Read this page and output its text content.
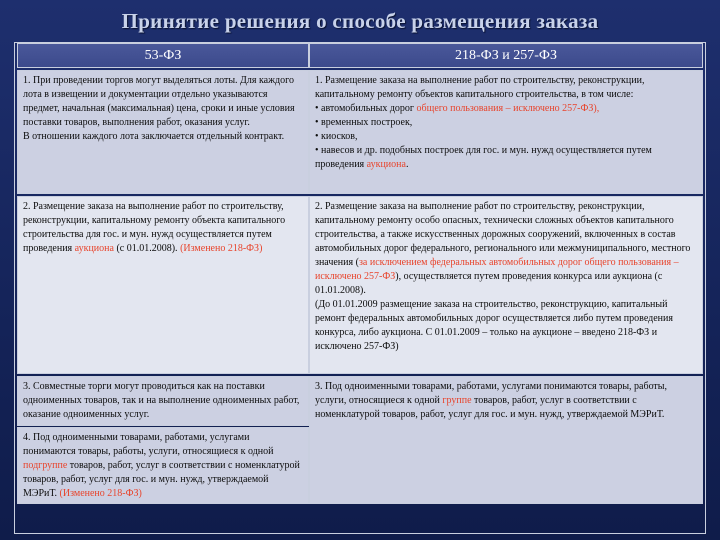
Принятие решения о способе размещения заказа
53-ФЗ	218-ФЗ и 257-ФЗ

1. При проведении торгов могут выделяться лоты. Для каждого лота в извещении и документации отдельно указываются предмет, начальная (максимальная) цена, сроки и иные условия поставки товаров, выполнения работ, оказания услуг.

В отношении каждого лота заключается отдельный контракт.

1. Размещение заказа на выполнение работ по строительству, реконструкции, капитальному ремонту объектов капитального строительства, в том числе:

• автомобильных дорог общего пользования – исключено 257-ФЗ),

• временных построек,

• киосков,

• навесов и др. подобных построек для гос. и мун. нужд осуществляется путем проведения аукциона.

2. Размещение заказа на выполнение работ по строительству, реконструкции, капитальному ремонту объекта капитального строительства для гос. и мун. нужд осуществляется путем проведения аукциона (с 01.01.2008). (Изменено 218-ФЗ)

2. Размещение заказа на выполнение работ по строительству, реконструкции, капитальному ремонту особо опасных, технически сложных объектов капитального строительства, а также искусственных дорожных сооружений, включенных в состав автомобильных дорог федерального, регионального или межмуниципального, местного значения (за исключением федеральных автомобильных дорог общего пользования – исключено 257-ФЗ), осуществляется путем проведения конкурса или аукциона (с 01.01.2008).

(До 01.01.2009 размещение заказа на строительство, реконструкцию, капитальный ремонт федеральных автомобильных дорог осуществляется либо путем проведения конкурса, либо аукциона. С 01.01.2009 – только на аукционе – введено 218-ФЗ и исключено 257-ФЗ)

3. Совместные торги могут проводиться как на поставки одноименных товаров, так и на выполнение одноименных работ, оказание одноименных услуг.

3. Под одноименными товарами, работами, услугами понимаются товары, работы, услуги, относящиеся к одной группе товаров, работ, услуг в соответствии с номенклатурой товаров, работ, услуг для гос. и мун. нужд, утверждаемой МЭРиТ.

4. Под одноименными товарами, работами, услугами понимаются товары, работы, услуги, относящиеся к одной подгруппе товаров, работ, услуг в соответствии с номенклатурой товаров, работ, услуг для гос. и мун. нужд, утверждаемой МЭРиТ. (Изменено 218-ФЗ)
